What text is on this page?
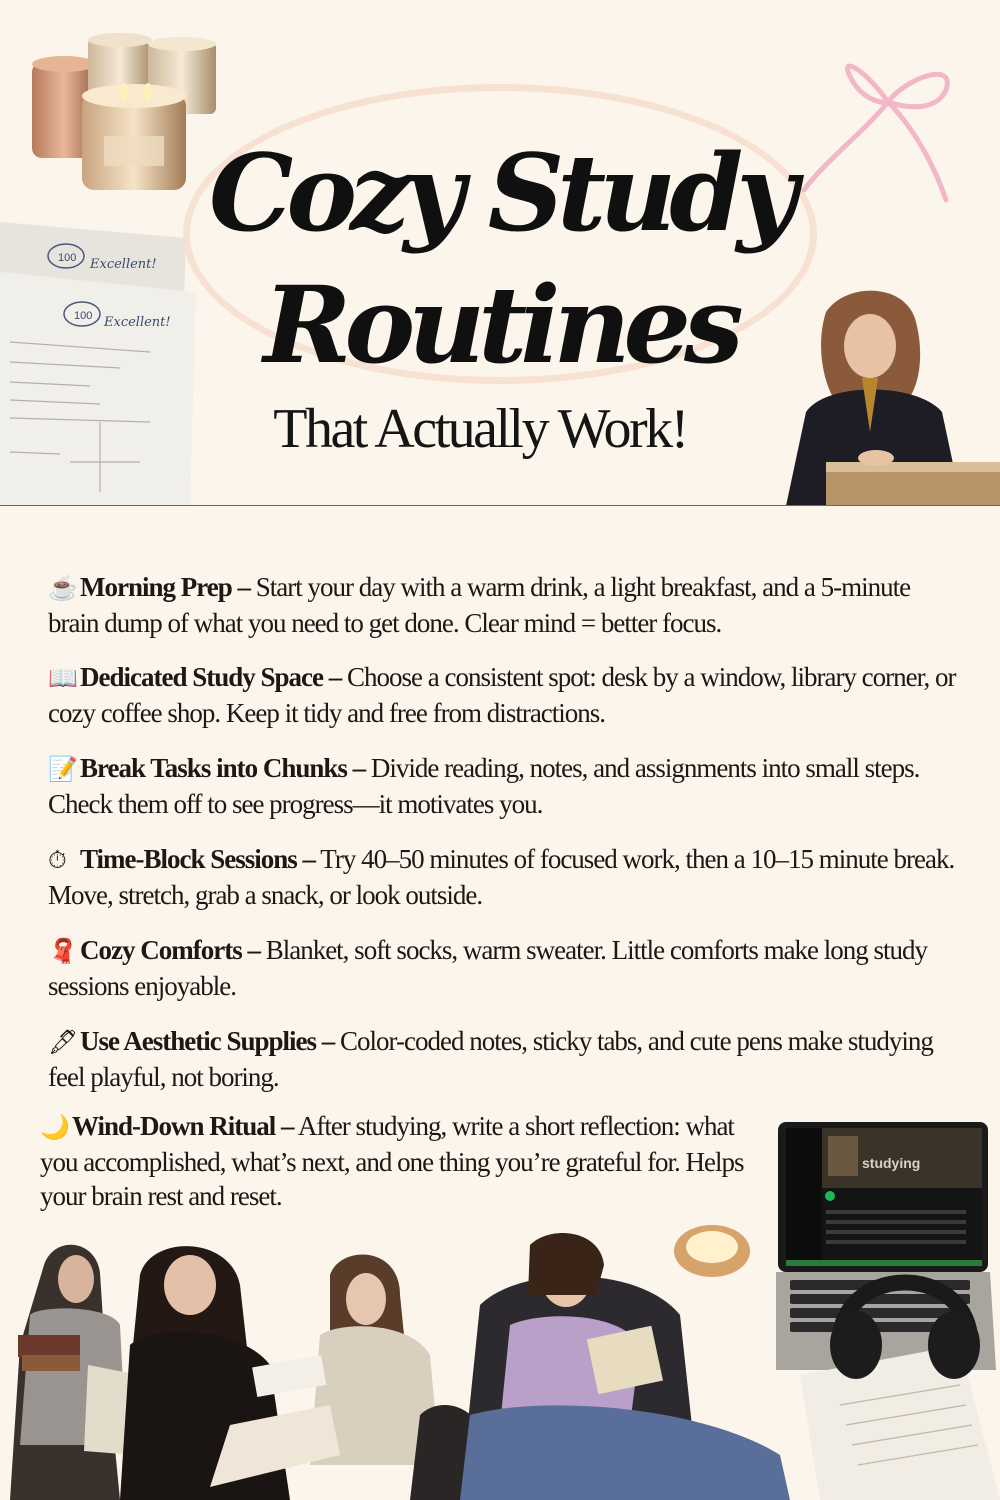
100 Excellent!
100 Excellent!
Cozy Study
Routines
That Actually Work!
☕ Morning Prep – Start your day with a warm drink, a light breakfast, and a 5-minute brain dump of what you need to get done. Clear mind = better focus.
📖 Dedicated Study Space – Choose a consistent spot: desk by a window, library corner, or cozy coffee shop. Keep it tidy and free from distractions.
📝 Break Tasks into Chunks – Divide reading, notes, and assignments into small steps. Check them off to see progress—it motivates you.
⏱ Time-Block Sessions – Try 40–50 minutes of focused work, then a 10–15 minute break. Move, stretch, grab a snack, or look outside.
🧣 Cozy Comforts – Blanket, soft socks, warm sweater. Little comforts make long study sessions enjoyable.
🖋Use Aesthetic Supplies – Color-coded notes, sticky tabs, and cute pens make studying feel playful, not boring.
🌙 Wind-Down Ritual – After studying, write a short reflection: what you accomplished, what’s next, and one thing you’re grateful for. Helps your brain rest and reset.
studying
